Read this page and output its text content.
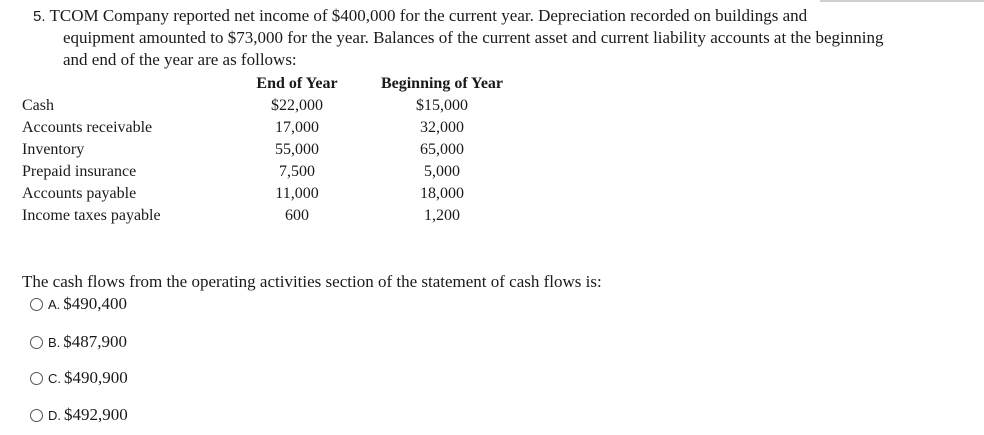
5. TCOM Company reported net income of $400,000 for the current year. Depreciation recorded on buildings and
equipment amounted to $73,000 for the year. Balances of the current asset and current liability accounts at the beginning
and end of the year are as follows:
	End of Year	Beginning of Year
Cash	$22,000	$15,000
Accounts receivable	17,000	32,000
Inventory	55,000	65,000
Prepaid insurance	7,500	5,000
Accounts payable	11,000	18,000
Income taxes payable	600	1,200
The cash flows from the operating activities section of the statement of cash flows is:
A. $490,400
B. $487,900
C. $490,900
D. $492,900
